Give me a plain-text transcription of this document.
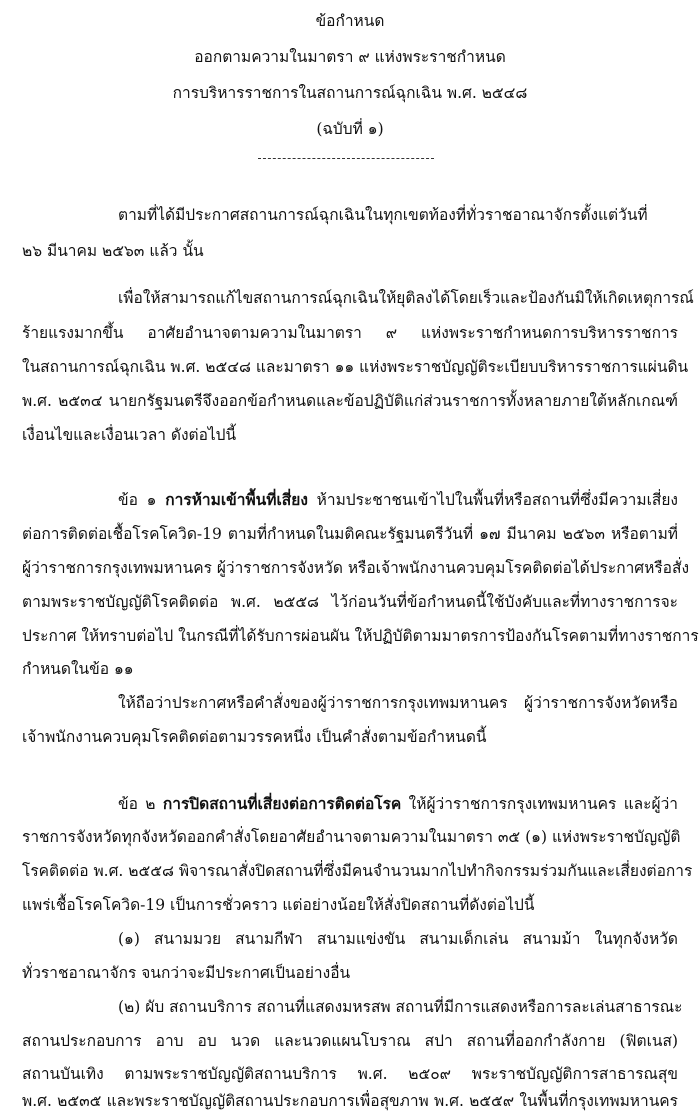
ข้อกำหนด
ออกตามความในมาตรา ๙ แห่งพระราชกำหนด
การบริหารราชการในสถานการณ์ฉุกเฉิน พ.ศ. ๒๕๔๘
(ฉบับที่ ๑)
ตามที่ได้มีประกาศสถานการณ์ฉุกเฉินในทุกเขตท้องที่ทั่วราชอาณาจักรตั้งแต่วันที่
๒๖ มีนาคม ๒๕๖๓ แล้ว นั้น
เพื่อให้สามารถแก้ไขสถานการณ์ฉุกเฉินให้ยุติลงได้โดยเร็วและป้องกันมิให้เกิดเหตุการณ์
ร้ายแรงมากขึ้น อาศัยอำนาจตามความในมาตรา ๙ แห่งพระราชกำหนดการบริหารราชการ
ในสถานการณ์ฉุกเฉิน พ.ศ. ๒๕๔๘ และมาตรา ๑๑ แห่งพระราชบัญญัติระเบียบบริหารราชการแผ่นดิน
พ.ศ. ๒๕๓๔ นายกรัฐมนตรีจึงออกข้อกำหนดและข้อปฏิบัติแก่ส่วนราชการทั้งหลายภายใต้หลักเกณฑ์
เงื่อนไขและเงื่อนเวลา ดังต่อไปนี้
ข้อ ๑ การห้ามเข้าพื้นที่เสี่ยง ห้ามประชาชนเข้าไปในพื้นที่หรือสถานที่ซึ่งมีความเสี่ยง
ต่อการติดต่อเชื้อโรคโควิด-19 ตามที่กำหนดในมติคณะรัฐมนตรีวันที่ ๑๗ มีนาคม ๒๕๖๓ หรือตามที่
ผู้ว่าราชการกรุงเทพมหานคร ผู้ว่าราชการจังหวัด หรือเจ้าพนักงานควบคุมโรคติดต่อได้ประกาศหรือสั่ง
ตามพระราชบัญญัติโรคติดต่อ พ.ศ. ๒๕๕๘ ไว้ก่อนวันที่ข้อกำหนดนี้ใช้บังคับและที่ทางราชการจะ
ประกาศ ให้ทราบต่อไป ในกรณีที่ได้รับการผ่อนผัน ให้ปฏิบัติตามมาตรการป้องกันโรคตามที่ทางราชการ
กำหนดในข้อ ๑๑
ให้ถือว่าประกาศหรือคำสั่งของผู้ว่าราชการกรุงเทพมหานคร ผู้ว่าราชการจังหวัดหรือ
เจ้าพนักงานควบคุมโรคติดต่อตามวรรคหนึ่ง เป็นคำสั่งตามข้อกำหนดนี้
ข้อ ๒ การปิดสถานที่เสี่ยงต่อการติดต่อโรค ให้ผู้ว่าราชการกรุงเทพมหานคร และผู้ว่า
ราชการจังหวัดทุกจังหวัดออกคำสั่งโดยอาศัยอำนาจตามความในมาตรา ๓๕ (๑) แห่งพระราชบัญญัติ
โรคติดต่อ พ.ศ. ๒๕๕๘ พิจารณาสั่งปิดสถานที่ซึ่งมีคนจำนวนมากไปทำกิจกรรมร่วมกันและเสี่ยงต่อการ
แพร่เชื้อโรคโควิด-19 เป็นการชั่วคราว แต่อย่างน้อยให้สั่งปิดสถานที่ดังต่อไปนี้
(๑) สนามมวย สนามกีฬา สนามแข่งขัน สนามเด็กเล่น สนามม้า ในทุกจังหวัด
ทั่วราชอาณาจักร จนกว่าจะมีประกาศเป็นอย่างอื่น
(๒) ผับ สถานบริการ สถานที่แสดงมหรสพ สถานที่มีการแสดงหรือการละเล่นสาธารณะ
สถานประกอบการ อาบ อบ นวด และนวดแผนโบราณ สปา สถานที่ออกกำลังกาย (ฟิตเนส)
สถานบันเทิง ตามพระราชบัญญัติสถานบริการ พ.ศ. ๒๕๐๙ พระราชบัญญัติการสาธารณสุข
พ.ศ. ๒๕๓๕ และพระราชบัญญัติสถานประกอบการเพื่อสุขภาพ พ.ศ. ๒๕๕๙ ในพื้นที่กรุงเทพมหานคร
